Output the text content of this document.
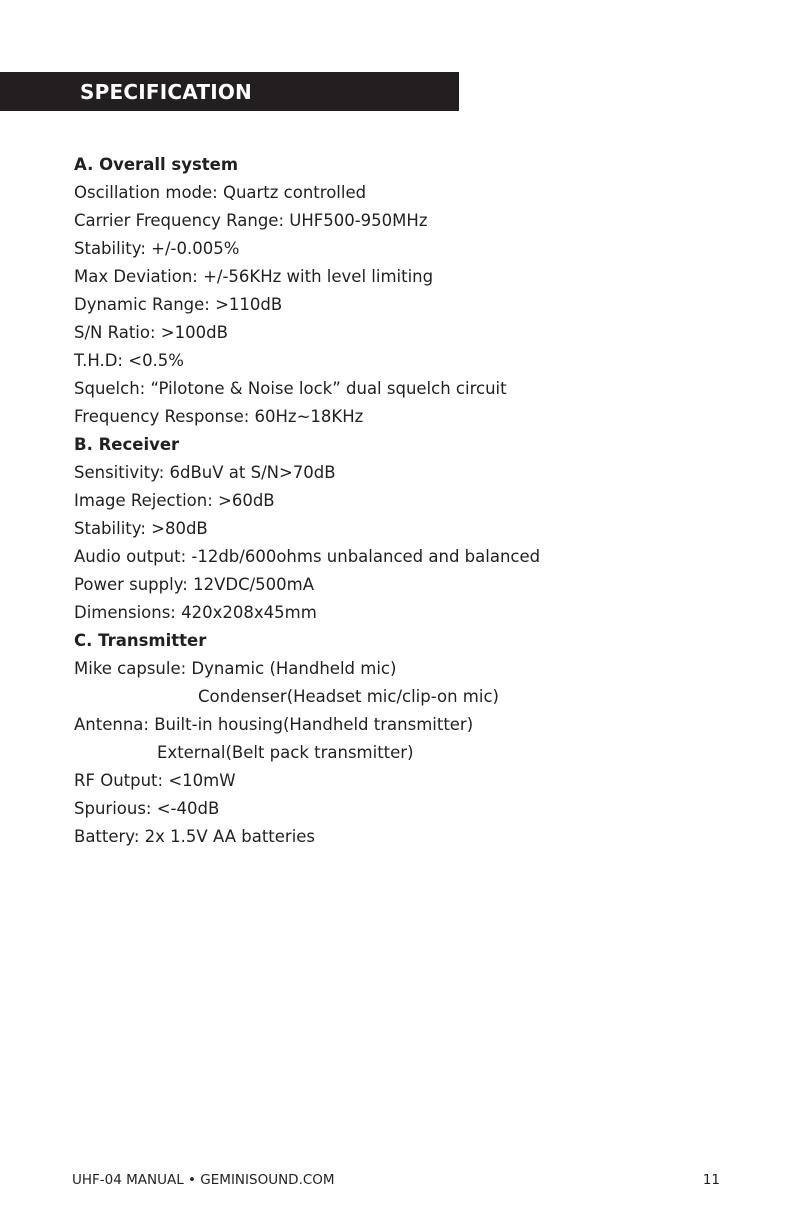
SPECIFICATION
A. Overall system
Oscillation mode: Quartz controlled
Carrier Frequency Range: UHF500-950MHz
Stability: +/-0.005%
Max Deviation: +/-56KHz with level limiting
Dynamic Range: >110dB
S/N Ratio: >100dB
T.H.D: <0.5%
Squelch: “Pilotone & Noise lock” dual squelch circuit
Frequency Response: 60Hz~18KHz
B. Receiver
Sensitivity: 6dBuV at S/N>70dB
Image Rejection: >60dB
Stability: >80dB
Audio output: -12db/600ohms unbalanced and balanced
Power supply: 12VDC/500mA
Dimensions: 420x208x45mm
C. Transmitter
Mike capsule: Dynamic (Handheld mic)
Condenser(Headset mic/clip-on mic)
Antenna: Built-in housing(Handheld transmitter)
External(Belt pack transmitter)
RF Output: <10mW
Spurious: <-40dB
Battery: 2x 1.5V AA batteries
UHF-04 MANUAL • GEMINISOUND.COM	11
